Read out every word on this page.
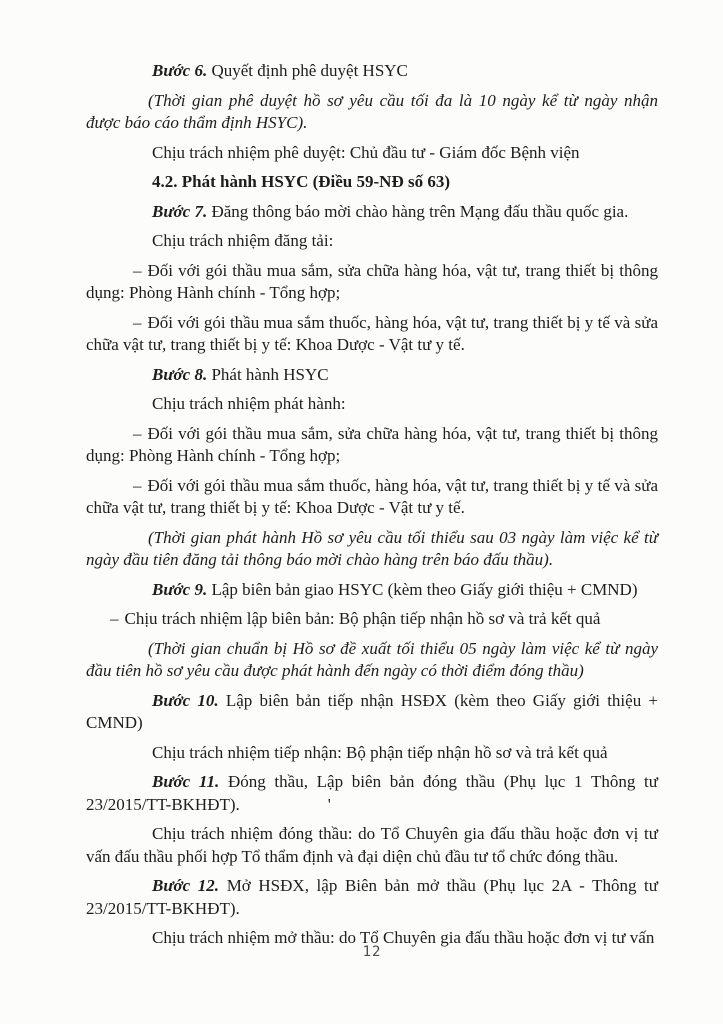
Bước 6. Quyết định phê duyệt HSYC

(Thời gian phê duyệt hồ sơ yêu cầu tối đa là 10 ngày kể từ ngày nhận được báo cáo thẩm định HSYC).

Chịu trách nhiệm phê duyệt: Chủ đầu tư - Giám đốc Bệnh viện

4.2. Phát hành HSYC (Điều 59-NĐ số 63)

Bước 7. Đăng thông báo mời chào hàng trên Mạng đấu thầu quốc gia.

Chịu trách nhiệm đăng tải:

– Đối với gói thầu mua sắm, sửa chữa hàng hóa, vật tư, trang thiết bị thông dụng: Phòng Hành chính - Tổng hợp;

– Đối với gói thầu mua sắm thuốc, hàng hóa, vật tư, trang thiết bị y tế và sửa chữa vật tư, trang thiết bị y tế: Khoa Dược - Vật tư y tế.

Bước 8. Phát hành HSYC

Chịu trách nhiệm phát hành:

– Đối với gói thầu mua sắm, sửa chữa hàng hóa, vật tư, trang thiết bị thông dụng: Phòng Hành chính - Tổng hợp;

– Đối với gói thầu mua sắm thuốc, hàng hóa, vật tư, trang thiết bị y tế và sửa chữa vật tư, trang thiết bị y tế: Khoa Dược - Vật tư y tế.

(Thời gian phát hành Hồ sơ yêu cầu tối thiểu sau 03 ngày làm việc kể từ ngày đầu tiên đăng tải thông báo mời chào hàng trên báo đấu thầu).

Bước 9. Lập biên bản giao HSYC (kèm theo Giấy giới thiệu + CMND)

– Chịu trách nhiệm lập biên bản: Bộ phận tiếp nhận hồ sơ và trả kết quả

(Thời gian chuẩn bị Hồ sơ đề xuất tối thiểu 05 ngày làm việc kể từ ngày đầu tiên hồ sơ yêu cầu được phát hành đến ngày có thời điểm đóng thầu)

Bước 10. Lập biên bản tiếp nhận HSĐX (kèm theo Giấy giới thiệu + CMND)

Chịu trách nhiệm tiếp nhận: Bộ phận tiếp nhận hồ sơ và trả kết quả

Bước 11. Đóng thầu, Lập biên bản đóng thầu (Phụ lục 1 Thông tư 23/2015/TT-BKHĐT).	'

Chịu trách nhiệm đóng thầu: do Tổ Chuyên gia đấu thầu hoặc đơn vị tư vấn đấu thầu phối hợp Tổ thẩm định và đại diện chủ đầu tư tổ chức đóng thầu.

Bước 12. Mở HSĐX, lập Biên bản mở thầu (Phụ lục 2A - Thông tư 23/2015/TT-BKHĐT).

Chịu trách nhiệm mở thầu: do Tổ Chuyên gia đấu thầu hoặc đơn vị tư vấn

12
